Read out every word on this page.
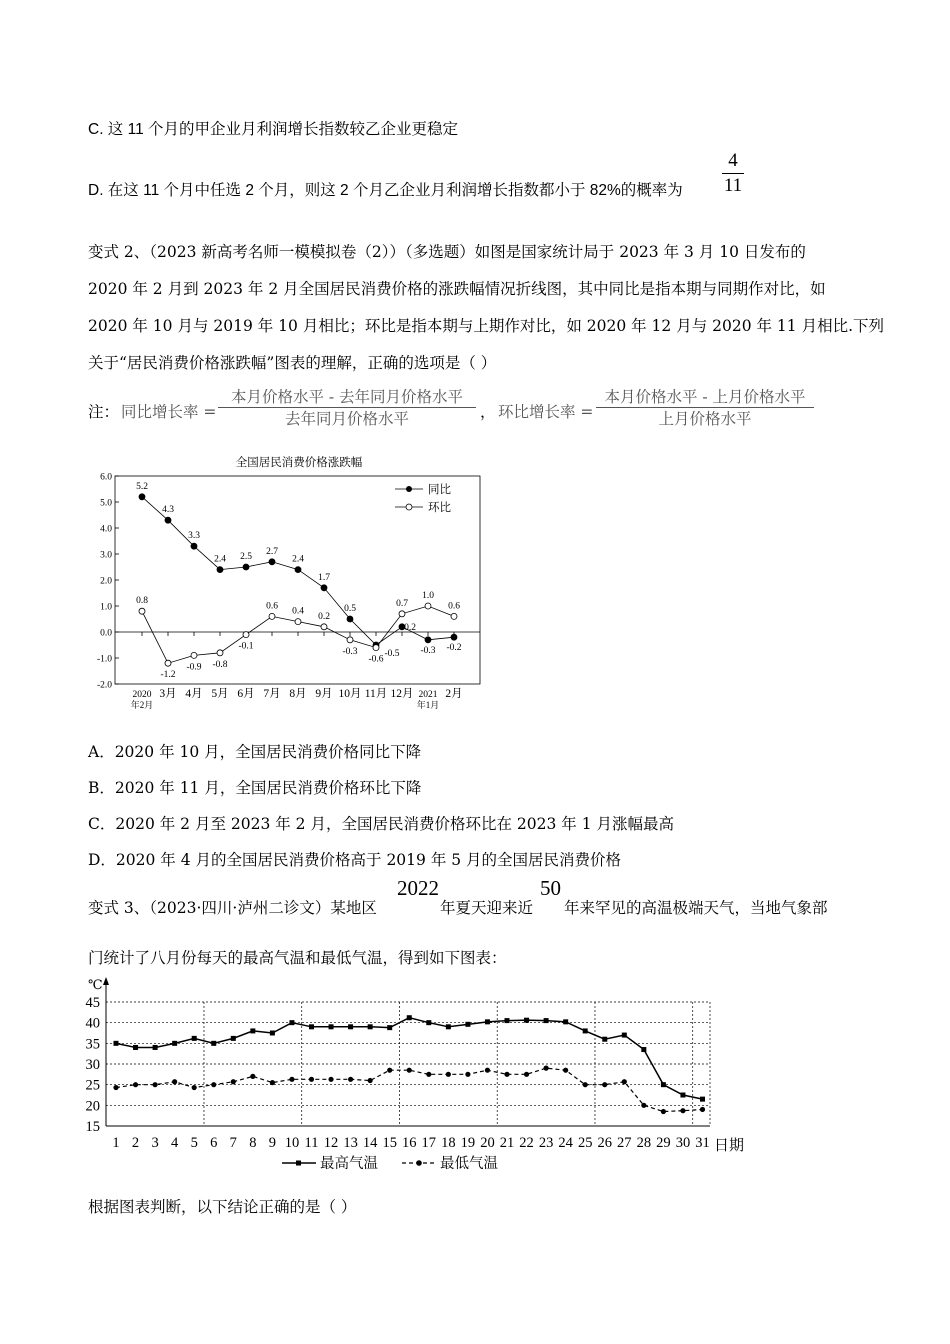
C. 这 11 个月的甲企业月利润增长指数较乙企业更稳定
D. 在这 11 个月中任选 2 个月，则这 2 个月乙企业月利润增长指数都小于 82%的概率为
4
11
变式 2、（2023 新高考名师一模模拟卷（2））（多选题）如图是国家统计局于 2023 年 3 月 10 日发布的
2020 年 2 月到 2023 年 2 月全国居民消费价格的涨跌幅情况折线图，其中同比是指本期与同期作对比，如
2020 年 10 月与 2019 年 10 月相比；环比是指本期与上期作对比，如 2020 年 12 月与 2020 年 11 月相比.下列
关于“居民消费价格涨跌幅”图表的理解，正确的选项是（ ）
注： 同比增长率 =
本月价格水平 - 去年同月价格水平
去年同月价格水平	， 环比增长率 =
本月价格水平 - 上月价格水平
上月价格水平
全国居民消费价格涨跌幅
6.0
5.0
4.0
3.0
2.0
1.0
0.0
-1.0
-2.0
2020
年2月
3月 4月 5月 6月 7月 8月 9月 10月 11月 12月 2021
年1月
2月
5.2
4.3
3.3
2.4 2.5
2.7
2.4
1.7
0.5
-0.5
0.2
-0.3 -0.2
0.8
-1.2
-0.9 -0.8
-0.1
0.6
0.4
0.2
-0.3
-0.6
0.7
1.0
0.6
同比
环比
A．2020 年 10 月，全国居民消费价格同比下降
B．2020 年 11 月，全国居民消费价格环比下降
C．2020 年 2 月至 2023 年 2 月，全国居民消费价格环比在 2023 年 1 月涨幅最高
D．2020 年 4 月的全国居民消费价格高于 2019 年 5 月的全国居民消费价格
变式 3、（2023·四川·泸州二诊文）某地区
2022
年夏天迎来近
50
年来罕见的高温极端天气，当地气象部
门统计了八月份每天的最高气温和最低气温，得到如下图表：
℃
45
40
35
30
25
20
15
1 2 3 4 5 6 7 8 9 10 11 12 13 14 15 16 17 18 19 20 21 22 23 24 25 26 27 28 29 30 31 日期
最高气温	最低气温
根据图表判断，以下结论正确的是（ ）
